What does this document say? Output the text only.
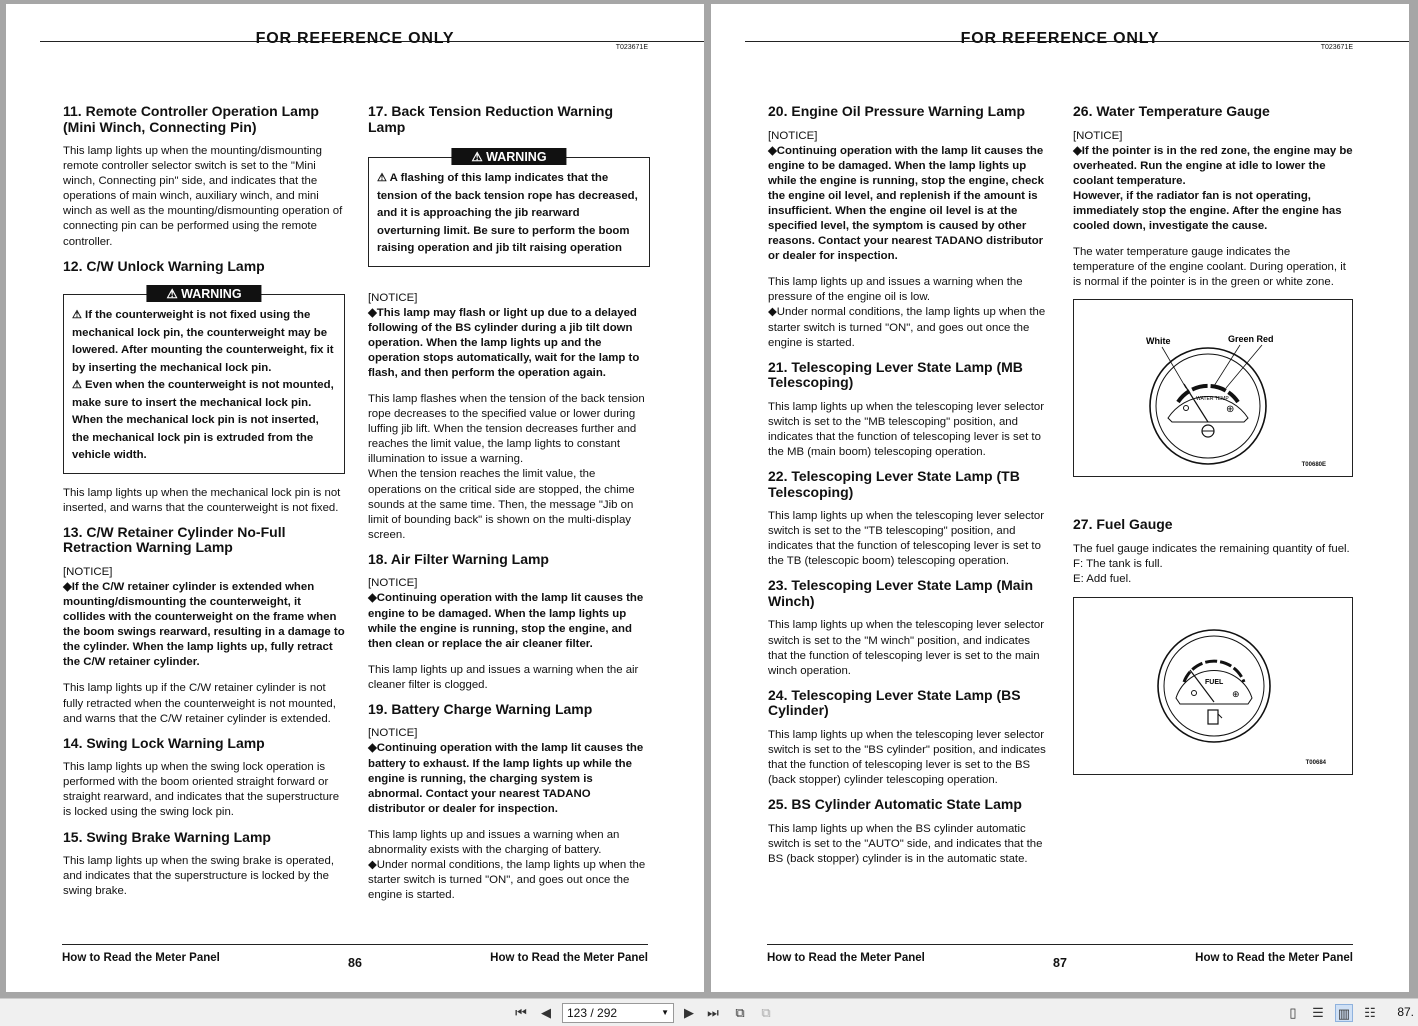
FOR REFERENCE ONLY
T023671E
11. Remote Controller Operation Lamp (Mini Winch, Connecting Pin)
This lamp lights up when the mounting/dismounting remote controller selector switch is set to the "Mini winch, Connecting pin" side, and indicates that the operations of main winch, auxiliary winch, and mini winch as well as the mounting/dismounting operation of connecting pin can be performed using the remote controller.
12. C/W Unlock Warning Lamp
⚠ WARNING
⚠ If the counterweight is not fixed using the mechanical lock pin, the counterweight may be lowered. After mounting the counterweight, fix it by inserting the mechanical lock pin.
⚠ Even when the counterweight is not mounted, make sure to insert the mechanical lock pin. When the mechanical lock pin is not inserted, the mechanical lock pin is extruded from the vehicle width.
This lamp lights up when the mechanical lock pin is not inserted, and warns that the counterweight is not fixed.
13. C/W Retainer Cylinder No-Full Retraction Warning Lamp
[NOTICE]
◆If the C/W retainer cylinder is extended when mounting/dismounting the counterweight, it collides with the counterweight on the frame when the boom swings rearward, resulting in a damage to the cylinder. When the lamp lights up, fully retract the C/W retainer cylinder.
This lamp lights up if the C/W retainer cylinder is not fully retracted when the counterweight is not mounted, and warns that the C/W retainer cylinder is extended.
14. Swing Lock Warning Lamp
This lamp lights up when the swing lock operation is performed with the boom oriented straight forward or straight rearward, and indicates that the superstructure is locked using the swing lock pin.
15. Swing Brake Warning Lamp
This lamp lights up when the swing brake is operated, and indicates that the superstructure is locked by the swing brake.
17. Back Tension Reduction Warning Lamp
⚠ WARNING
⚠ A flashing of this lamp indicates that the tension of the back tension rope has decreased, and it is approaching the jib rearward overturning limit. Be sure to perform the boom raising operation and jib tilt raising operation
[NOTICE]
◆This lamp may flash or light up due to a delayed following of the BS cylinder during a jib tilt down operation. When the lamp lights up and the operation stops automatically, wait for the lamp to flash, and then perform the operation again.
This lamp flashes when the tension of the back tension rope decreases to the specified value or lower during luffing jib lift. When the tension decreases further and reaches the limit value, the lamp lights to constant illumination to issue a warning.
When the tension reaches the limit value, the operations on the critical side are stopped, the chime sounds at the same time. Then, the message "Jib on limit of bounding back" is shown on the multi-display screen.
18. Air Filter Warning Lamp
[NOTICE]
◆Continuing operation with the lamp lit causes the engine to be damaged. When the lamp lights up while the engine is running, stop the engine, and then clean or replace the air cleaner filter.
This lamp lights up and issues a warning when the air cleaner filter is clogged.
19. Battery Charge Warning Lamp
[NOTICE]
◆Continuing operation with the lamp lit causes the battery to exhaust. If the lamp lights up while the engine is running, the charging system is abnormal. Contact your nearest TADANO distributor or dealer for inspection.
This lamp lights up and issues a warning when an abnormality exists with the charging of battery.
◆Under normal conditions, the lamp lights up when the starter switch is turned "ON", and goes out once the engine is started.
How to Read the Meter Panel	86	How to Read the Meter Panel
FOR REFERENCE ONLY
T023671E
20. Engine Oil Pressure Warning Lamp
[NOTICE]
◆Continuing operation with the lamp lit causes the engine to be damaged. When the lamp lights up while the engine is running, stop the engine, check the engine oil level, and replenish if the amount is insufficient. When the engine oil level is at the specified level, the symptom is caused by other reasons. Contact your nearest TADANO distributor or dealer for inspection.
This lamp lights up and issues a warning when the pressure of the engine oil is low.
◆Under normal conditions, the lamp lights up when the starter switch is turned "ON", and goes out once the engine is started.
21. Telescoping Lever State Lamp (MB Telescoping)
This lamp lights up when the telescoping lever selector switch is set to the "MB telescoping" position, and indicates that the function of telescoping lever is set to the MB (main boom) telescoping operation.
22. Telescoping Lever State Lamp (TB Telescoping)
This lamp lights up when the telescoping lever selector switch is set to the "TB telescoping" position, and indicates that the function of telescoping lever is set to the TB (telescopic boom) telescoping operation.
23. Telescoping Lever State Lamp (Main Winch)
This lamp lights up when the telescoping lever selector switch is set to the "M winch" position, and indicates that the function of telescoping lever is set to the main winch operation.
24. Telescoping Lever State Lamp (BS Cylinder)
This lamp lights up when the telescoping lever selector switch is set to the "BS cylinder" position, and indicates that the function of telescoping lever is set to the BS (back stopper) cylinder telescoping operation.
25. BS Cylinder Automatic State Lamp
This lamp lights up when the BS cylinder automatic switch is set to the "AUTO" side, and indicates that the BS (back stopper) cylinder is in the automatic state.
26. Water Temperature Gauge
[NOTICE]
◆If the pointer is in the red zone, the engine may be overheated. Run the engine at idle to lower the coolant temperature.
However, if the radiator fan is not operating, immediately stop the engine. After the engine has cooled down, investigate the cause.
The water temperature gauge indicates the temperature of the engine coolant. During operation, it is normal if the pointer is in the green or white zone.
White	Green Red
WATER TEMP
⊕
T00680E
27. Fuel Gauge
The fuel gauge indicates the remaining quantity of fuel.
F: The tank is full.
E: Add fuel.
FUEL
⊕
T00684
How to Read the Meter Panel	87	How to Read the Meter Panel
⏮	◀	123 / 292	▼	▶	⏭	⧉	⧉	▯	☰ ▥ ☷ 87.
